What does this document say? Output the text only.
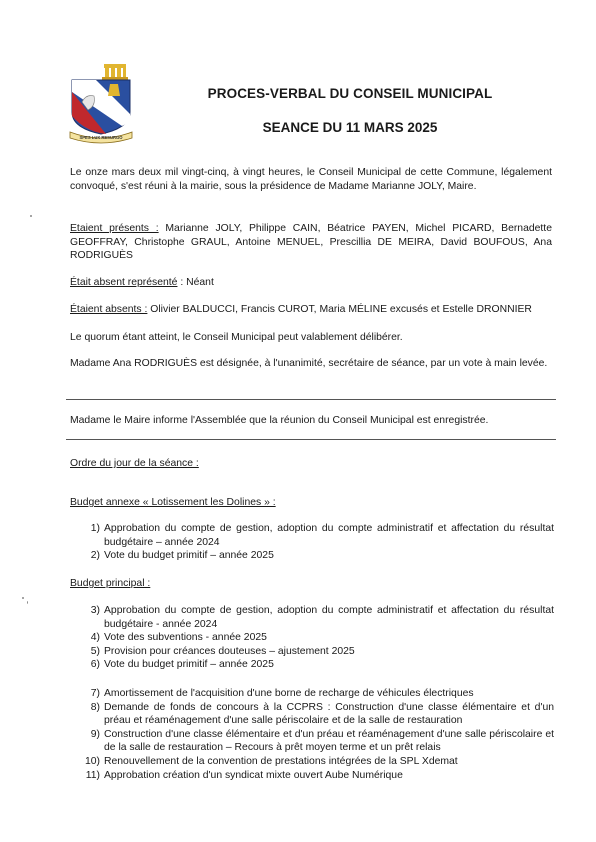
SPES LUX RESURGO
PROCES-VERBAL DU CONSEIL MUNICIPAL
SEANCE DU 11 MARS 2025

Le onze mars deux mil vingt-cinq, à vingt heures, le Conseil Municipal de cette Commune, légalement convoqué, s'est réuni à la mairie, sous la présidence de Madame Marianne JOLY, Maire.

Etaient présents : Marianne JOLY, Philippe CAIN, Béatrice PAYEN, Michel PICARD, Bernadette GEOFFRAY, Christophe GRAUL, Antoine MENUEL, Prescillia DE MEIRA, David BOUFOUS, Ana RODRIGUÈS

Était absent représenté : Néant

Étaient absents : Olivier BALDUCCI, Francis CUROT, Maria MÉLINE excusés et Estelle DRONNIER

Le quorum étant atteint, le Conseil Municipal peut valablement délibérer.

Madame Ana RODRIGUÈS est désignée, à l'unanimité, secrétaire de séance, par un vote à main levée.

Madame le Maire informe l'Assemblée que la réunion du Conseil Municipal est enregistrée.

Ordre du jour de la séance :

Budget annexe « Lotissement les Dolines » :

1) Approbation du compte de gestion, adoption du compte administratif et affectation du résultat budgétaire – année 2024
2) Vote du budget primitif – année 2025

Budget principal :

3) Approbation du compte de gestion, adoption du compte administratif et affectation du résultat budgétaire - année 2024
4) Vote des subventions - année 2025
5) Provision pour créances douteuses – ajustement 2025
6) Vote du budget primitif – année 2025
7) Amortissement de l'acquisition d'une borne de recharge de véhicules électriques
8) Demande de fonds de concours à la CCPRS : Construction d'une classe élémentaire et d'un préau et réaménagement d'une salle périscolaire et de la salle de restauration
9) Construction d'une classe élémentaire et d'un préau et réaménagement d'une salle périscolaire et de la salle de restauration – Recours à prêt moyen terme et un prêt relais
10) Renouvellement de la convention de prestations intégrées de la SPL Xdemat
11) Approbation création d'un syndicat mixte ouvert Aube Numérique
